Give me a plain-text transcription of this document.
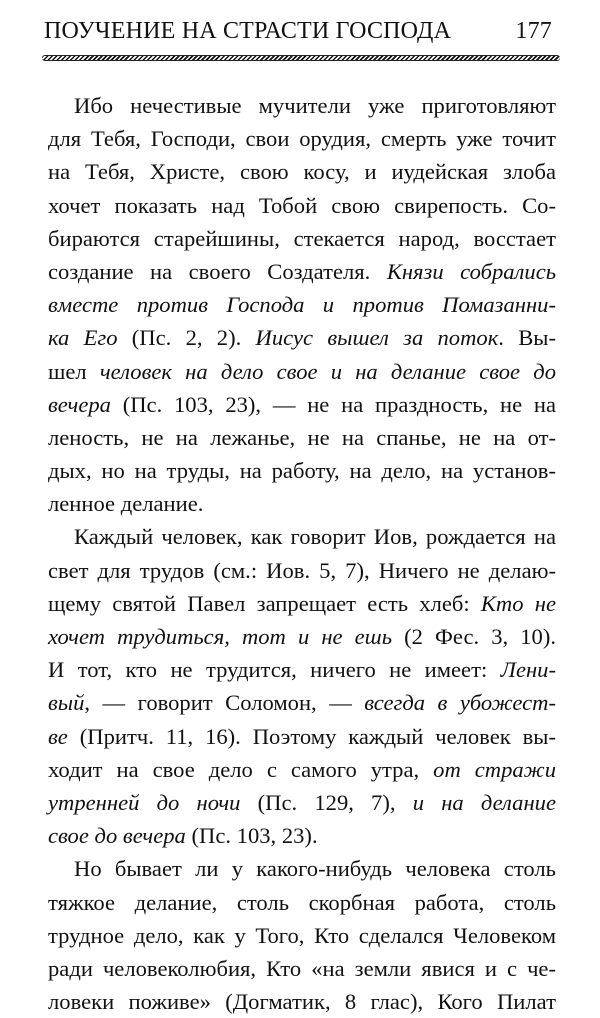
ПОУЧЕНИЕ НА СТРАСТИ ГОСПОДА	177
Ибо нечестивые мучители уже приготовляют
для Тебя, Господи, свои орудия, смерть уже точит
на Тебя, Христе, свою косу, и иудейская злоба
хочет показать над Тобой свою свирепость. Со-
бираются старейшины, стекается народ, восстает
создание на своего Создателя. Князи собрались
вместе против Господа и против Помазанни-
ка Его (Пс. 2, 2). Иисус вышел за поток. Вы-
шел человек на дело свое и на делание свое до
вечера (Пс. 103, 23), — не на праздность, не на
леность, не на лежанье, не на спанье, не на от-
дых, но на труды, на работу, на дело, на установ-
ленное делание.
Каждый человек, как говорит Иов, рождается на
свет для трудов (см.: Иов. 5, 7), Ничего не делаю-
щему святой Павел запрещает есть хлеб: Кто не
хочет трудиться, тот и не ешь (2 Фес. 3, 10).
И тот, кто не трудится, ничего не имеет: Лени-
вый, — говорит Соломон, — всегда в убожест-
ве (Притч. 11, 16). Поэтому каждый человек вы-
ходит на свое дело с самого утра, от стражи
утренней до ночи (Пс. 129, 7), и на делание
свое до вечера (Пс. 103, 23).
Но бывает ли у какого-нибудь человека столь
тяжкое делание, столь скорбная работа, столь
трудное дело, как у Того, Кто сделался Человеком
ради человеколюбия, Кто «на земли явися и с че-
ловеки поживе» (Догматик, 8 глас), Кого Пилат
